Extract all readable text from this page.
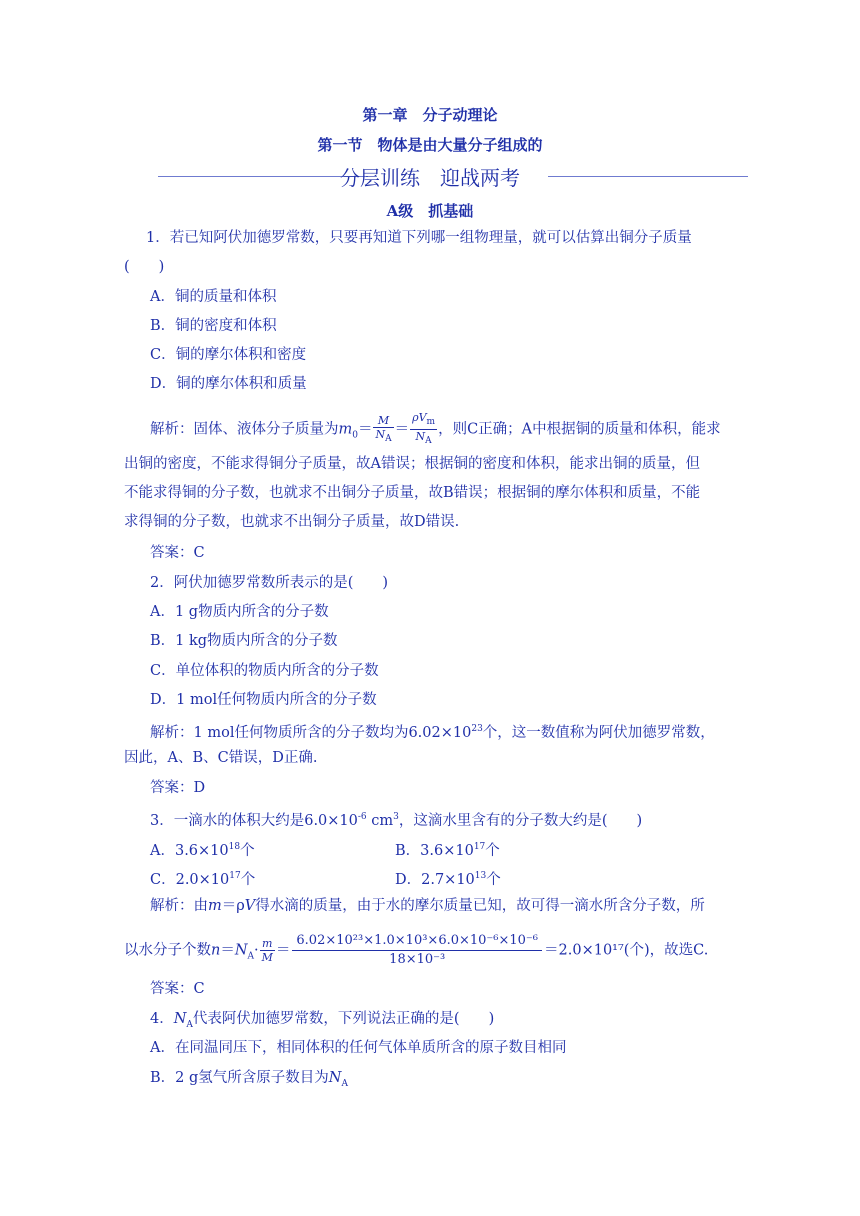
第一章　分子动理论
第一节　物体是由大量分子组成的
分层训练　迎战两考
A级　抓基础
1．若已知阿伏加德罗常数，只要再知道下列哪一组物理量，就可以估算出铜分子质量
(　　)
A．铜的质量和体积
B．铜的密度和体积
C．铜的摩尔体积和密度
D．铜的摩尔体积和质量
解析：固体、液体分子质量为$m_0= \frac{M}{N_A} = \frac{\rho V_m}{N_A}$ ，则C正确；A中根据铜的质量和体积，能求
出铜的密度，不能求得铜分子质量，故A错误；根据铜的密度和体积，能求出铜的质量，但
不能求得铜的分子数，也就求不出铜分子质量，故B错误；根据铜的摩尔体积和质量，不能
求得铜的分子数，也就求不出铜分子质量，故D错误.
答案：C
2．阿伏加德罗常数所表示的是(　　)
A．1 g物质内所含的分子数
B．1 kg物质内所含的分子数
C．单位体积的物质内所含的分子数
D．1 mol任何物质内所含的分子数
解析：1 mol任何物质所含的分子数均为$6.02\times 10^{23}$个，这一数值称为阿伏加德罗常数，
因此，A、B、C错误，D正确.
答案：D
3．一滴水的体积大约是$6.0\times 10^{-6}$ $cm^3$，这滴水里含有的分子数大约是(　　)
A．$3.6\times 10^{18}$个	B．$3.6\times 10^{17}$个
C．$2.0\times 10^{17}$个	D．$2.7\times 10^{13}$个
解析：由m＝ρV得水滴的质量，由于水的摩尔质量已知，故可得一滴水所含分子数，所
以水分子个数$n=N_A\cdot \frac{m}{M} = \frac{\text{6.02×10²³×1.0×10³×6.0×10⁻⁶×10⁻⁶}}{\text{18×10⁻³}} =2.0\times 10^{17}$(个)，故选C.
答案：C
4．$N_A$代表阿伏加德罗常数，下列说法正确的是(　　)
A．在同温同压下，相同体积的任何气体单质所含的原子数目相同
B．2 g氢气所含原子数目为$N_A$
